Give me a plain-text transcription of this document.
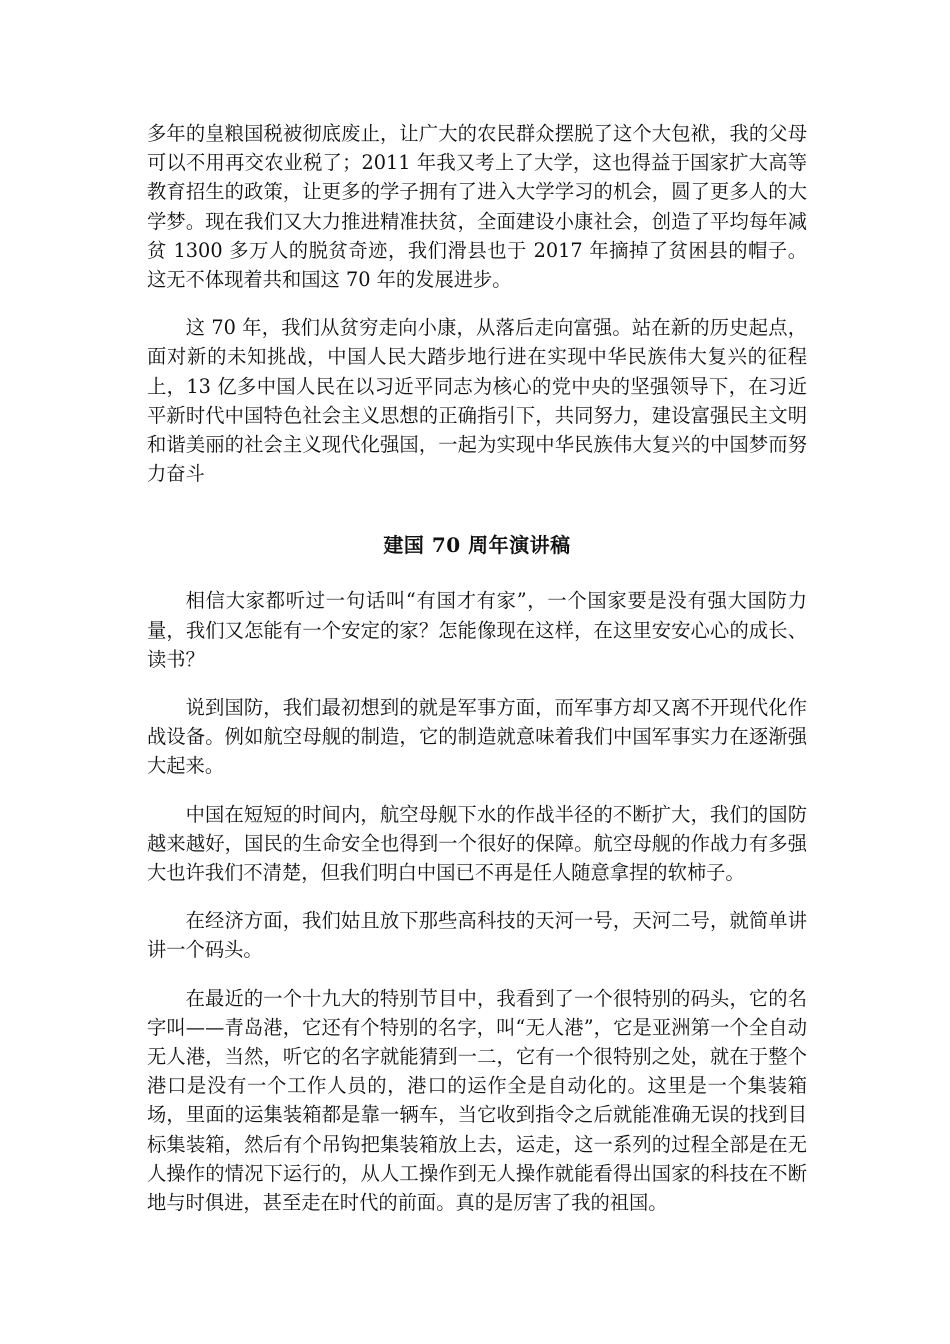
多年的皇粮国税被彻底废止，让广大的农民群众摆脱了这个大包袱，我的父母可以不用再交农业税了；2011 年我又考上了大学，这也得益于国家扩大高等教育招生的政策，让更多的学子拥有了进入大学学习的机会，圆了更多人的大学梦。现在我们又大力推进精准扶贫，全面建设小康社会，创造了平均每年减贫 1300 多万人的脱贫奇迹，我们滑县也于 2017 年摘掉了贫困县的帽子。这无不体现着共和国这 70 年的发展进步。

这 70 年，我们从贫穷走向小康，从落后走向富强。站在新的历史起点，面对新的未知挑战，中国人民大踏步地行进在实现中华民族伟大复兴的征程上，13 亿多中国人民在以习近平同志为核心的党中央的坚强领导下，在习近平新时代中国特色社会主义思想的正确指引下，共同努力，建设富强民主文明和谐美丽的社会主义现代化强国，一起为实现中华民族伟大复兴的中国梦而努力奋斗

建国 70 周年演讲稿

相信大家都听过一句话叫“有国才有家”，一个国家要是没有强大国防力量，我们又怎能有一个安定的家？怎能像现在这样，在这里安安心心的成长、读书？

说到国防，我们最初想到的就是军事方面，而军事方却又离不开现代化作战设备。例如航空母舰的制造，它的制造就意味着我们中国军事实力在逐渐强大起来。

中国在短短的时间内，航空母舰下水的作战半径的不断扩大，我们的国防越来越好，国民的生命安全也得到一个很好的保障。航空母舰的作战力有多强大也许我们不清楚，但我们明白中国已不再是任人随意拿捏的软柿子。

在经济方面，我们姑且放下那些高科技的天河一号，天河二号，就简单讲讲一个码头。

在最近的一个十九大的特别节目中，我看到了一个很特别的码头，它的名字叫——青岛港，它还有个特别的名字，叫“无人港”，它是亚洲第一个全自动无人港，当然，听它的名字就能猜到一二，它有一个很特别之处，就在于整个港口是没有一个工作人员的，港口的运作全是自动化的。这里是一个集装箱场，里面的运集装箱都是靠一辆车，当它收到指令之后就能准确无误的找到目标集装箱，然后有个吊钩把集装箱放上去，运走，这一系列的过程全部是在无人操作的情况下运行的，从人工操作到无人操作就能看得出国家的科技在不断地与时俱进，甚至走在时代的前面。真的是厉害了我的祖国。
